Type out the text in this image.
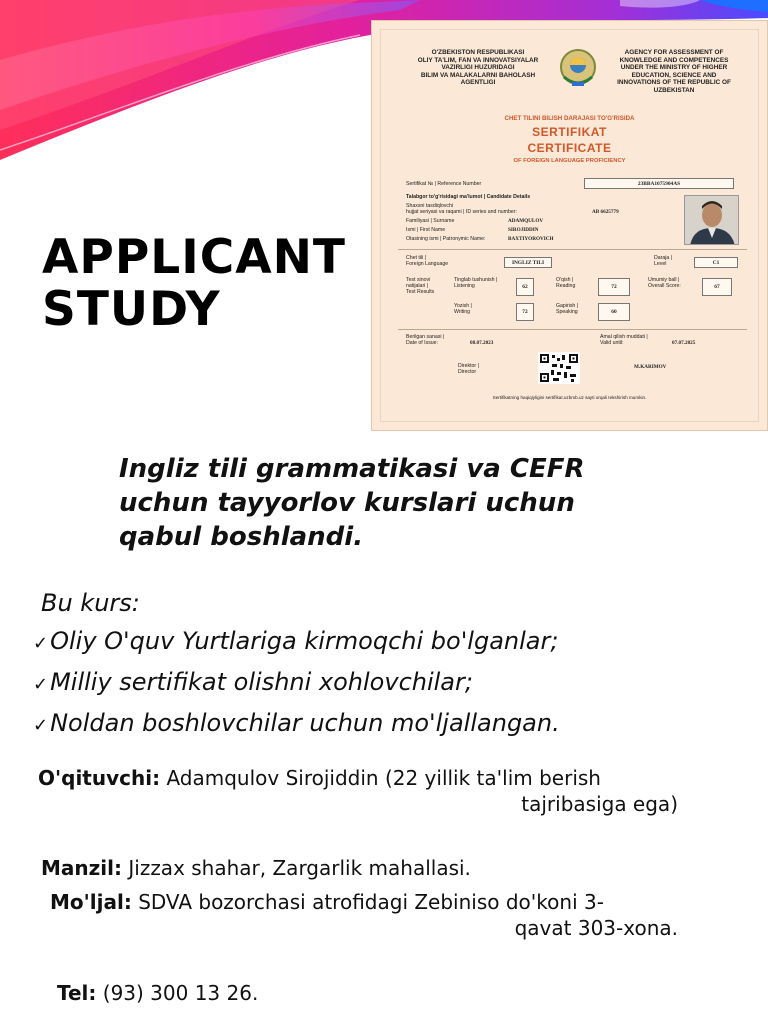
APPLICANT
STUDY
O'ZBEKISTON RESPUBLIKASI
OLIY TA'LIM, FAN VA INNOVATSIYALAR
VAZIRLIGI HUZURIDAGI
BILIM VA MALAKALARNI BAHOLASH
AGENTLIGI
AGENCY FOR ASSESSMENT OF
KNOWLEDGE AND COMPETENCES
UNDER THE MINISTRY OF HIGHER
EDUCATION, SCIENCE AND
INNOVATIONS OF THE REPUBLIC OF
UZBEKISTAN
CHET TILINI BILISH DARAJASI TO'G'RISIDA
SERTIFIKAT
CERTIFICATE
OF FOREIGN LANGUAGE PROFICIENCY
Sertifikat № | Reference Number	23BBA1075904AS
Talabgor to'g'risidagi ma'lumot | Candidate Details
Shaxsni tasdiqlovchi
hujjat seriyasi va raqami | ID series and number:	AB 6625779
Familiyasi | Surname	ADAMQULOV
Ismi | First Name	SIROJIDDIN
Otasining ismi | Patronymic Name:	BAXTIYOROVICH
Chet tili |
Foreign Language	INGLIZ TILI
Daraja |
Level	C1
Test sinovi
natijalari |
Test Results
Tinglab tushunish |
Listening	62
O'qish |
Reading	72
Umumiy ball |
Overall Score:	67
Yozish |
Writing	72
Gapirish |
Speaking	60
Berilgan sanasi |
Date of Issue:	08.07.2023
Amal qilish muddati |
Valid until:	07.07.2025
Direktor |
Director
M.KARIMOV
Sertifikatning haqiqiyligini sertifikat.uzbmb.uz sayti orqali tekshirish mumkin.
Ingliz tili grammatikasi va CEFR
uchun tayyorlov kurslari uchun
qabul boshlandi.
Bu kurs:
✓ Oliy O'quv Yurtlariga kirmoqchi bo'lganlar;
✓ Milliy sertifikat olishni xohlovchilar;
✓ Noldan boshlovchilar uchun mo'ljallangan.
O'qituvchi: Adamqulov Sirojiddin (22 yillik ta'lim berish
tajribasiga ega)
Manzil: Jizzax shahar, Zargarlik mahallasi.
Mo'ljal: SDVA bozorchasi atrofidagi Zebiniso do'koni 3-
qavat 303-xona.
Tel: (93) 300 13 26.
